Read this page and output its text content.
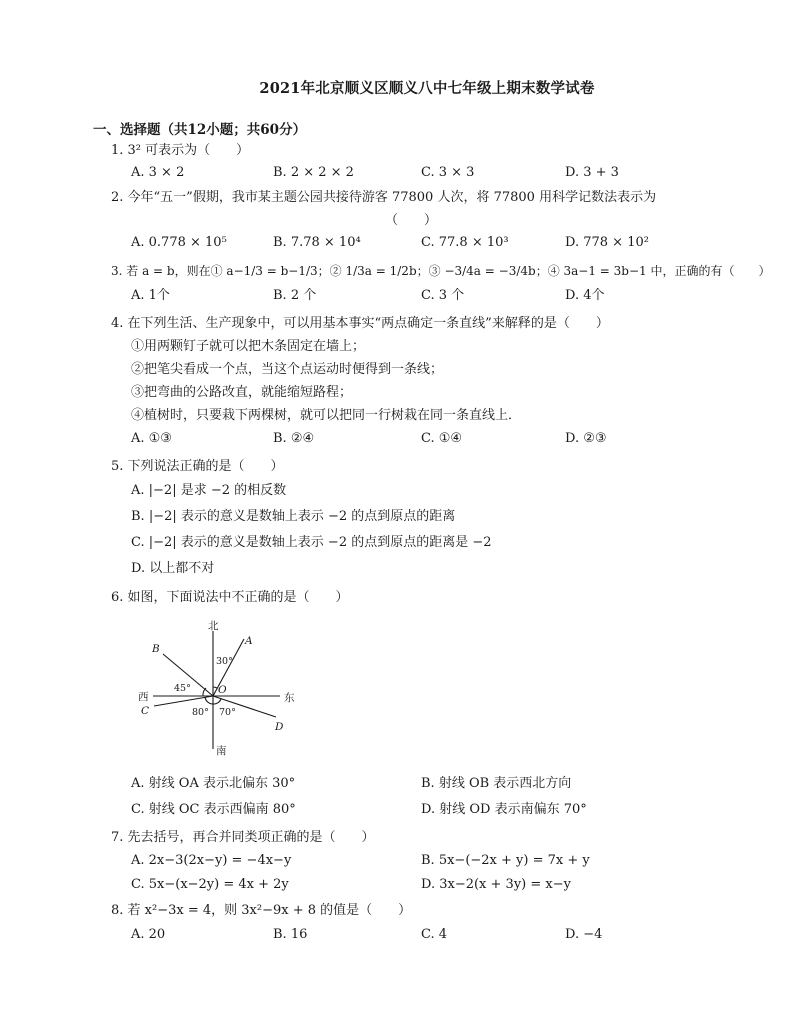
2021年北京顺义区顺义八中七年级上期末数学试卷
一、选择题（共12小题；共60分）
1. 3² 可表示为（　　）
A. 3 × 2	B. 2 × 2 × 2	C. 3 × 3	D. 3 + 3
2. 今年“五一”假期，我市某主题公园共接待游客 77800 人次，将 77800 用科学记数法表示为
（　　）
A. 0.778 × 10⁵	B. 7.78 × 10⁴	C. 77.8 × 10³	D. 778 × 10²
3. 若 a = b，则在① a−1/3 = b−1/3；② 1/3a = 1/2b；③ −3/4a = −3/4b；④ 3a−1 = 3b−1 中，正确的有（　　）
A. 1个	B. 2 个	C. 3 个	D. 4个
4. 在下列生活、生产现象中，可以用基本事实“两点确定一条直线”来解释的是（　　）
①用两颗钉子就可以把木条固定在墙上；
②把笔尖看成一个点，当这个点运动时便得到一条线；
③把弯曲的公路改直，就能缩短路程；
④植树时，只要栽下两棵树，就可以把同一行树栽在同一条直线上．
A. ①③	B. ②④	C. ①④	D. ②③
5. 下列说法正确的是（　　）
A. |−2| 是求 −2 的相反数
B. |−2| 表示的意义是数轴上表示 −2 的点到原点的距离
C. |−2| 表示的意义是数轴上表示 −2 的点到原点的距离是 −2
D. 以上都不对
6. 如图，下面说法中不正确的是（　　）
北
南
东
西
A
B
C
D
O
30°
45°
80° 70°
A. 射线 OA 表示北偏东 30°	B. 射线 OB 表示西北方向
C. 射线 OC 表示西偏南 80°	D. 射线 OD 表示南偏东 70°
7. 先去括号，再合并同类项正确的是（　　）
A. 2x−3(2x−y) = −4x−y	B. 5x−(−2x + y) = 7x + y
C. 5x−(x−2y) = 4x + 2y	D. 3x−2(x + 3y) = x−y
8. 若 x²−3x = 4，则 3x²−9x + 8 的值是（　　）
A. 20	B. 16	C. 4	D. −4
